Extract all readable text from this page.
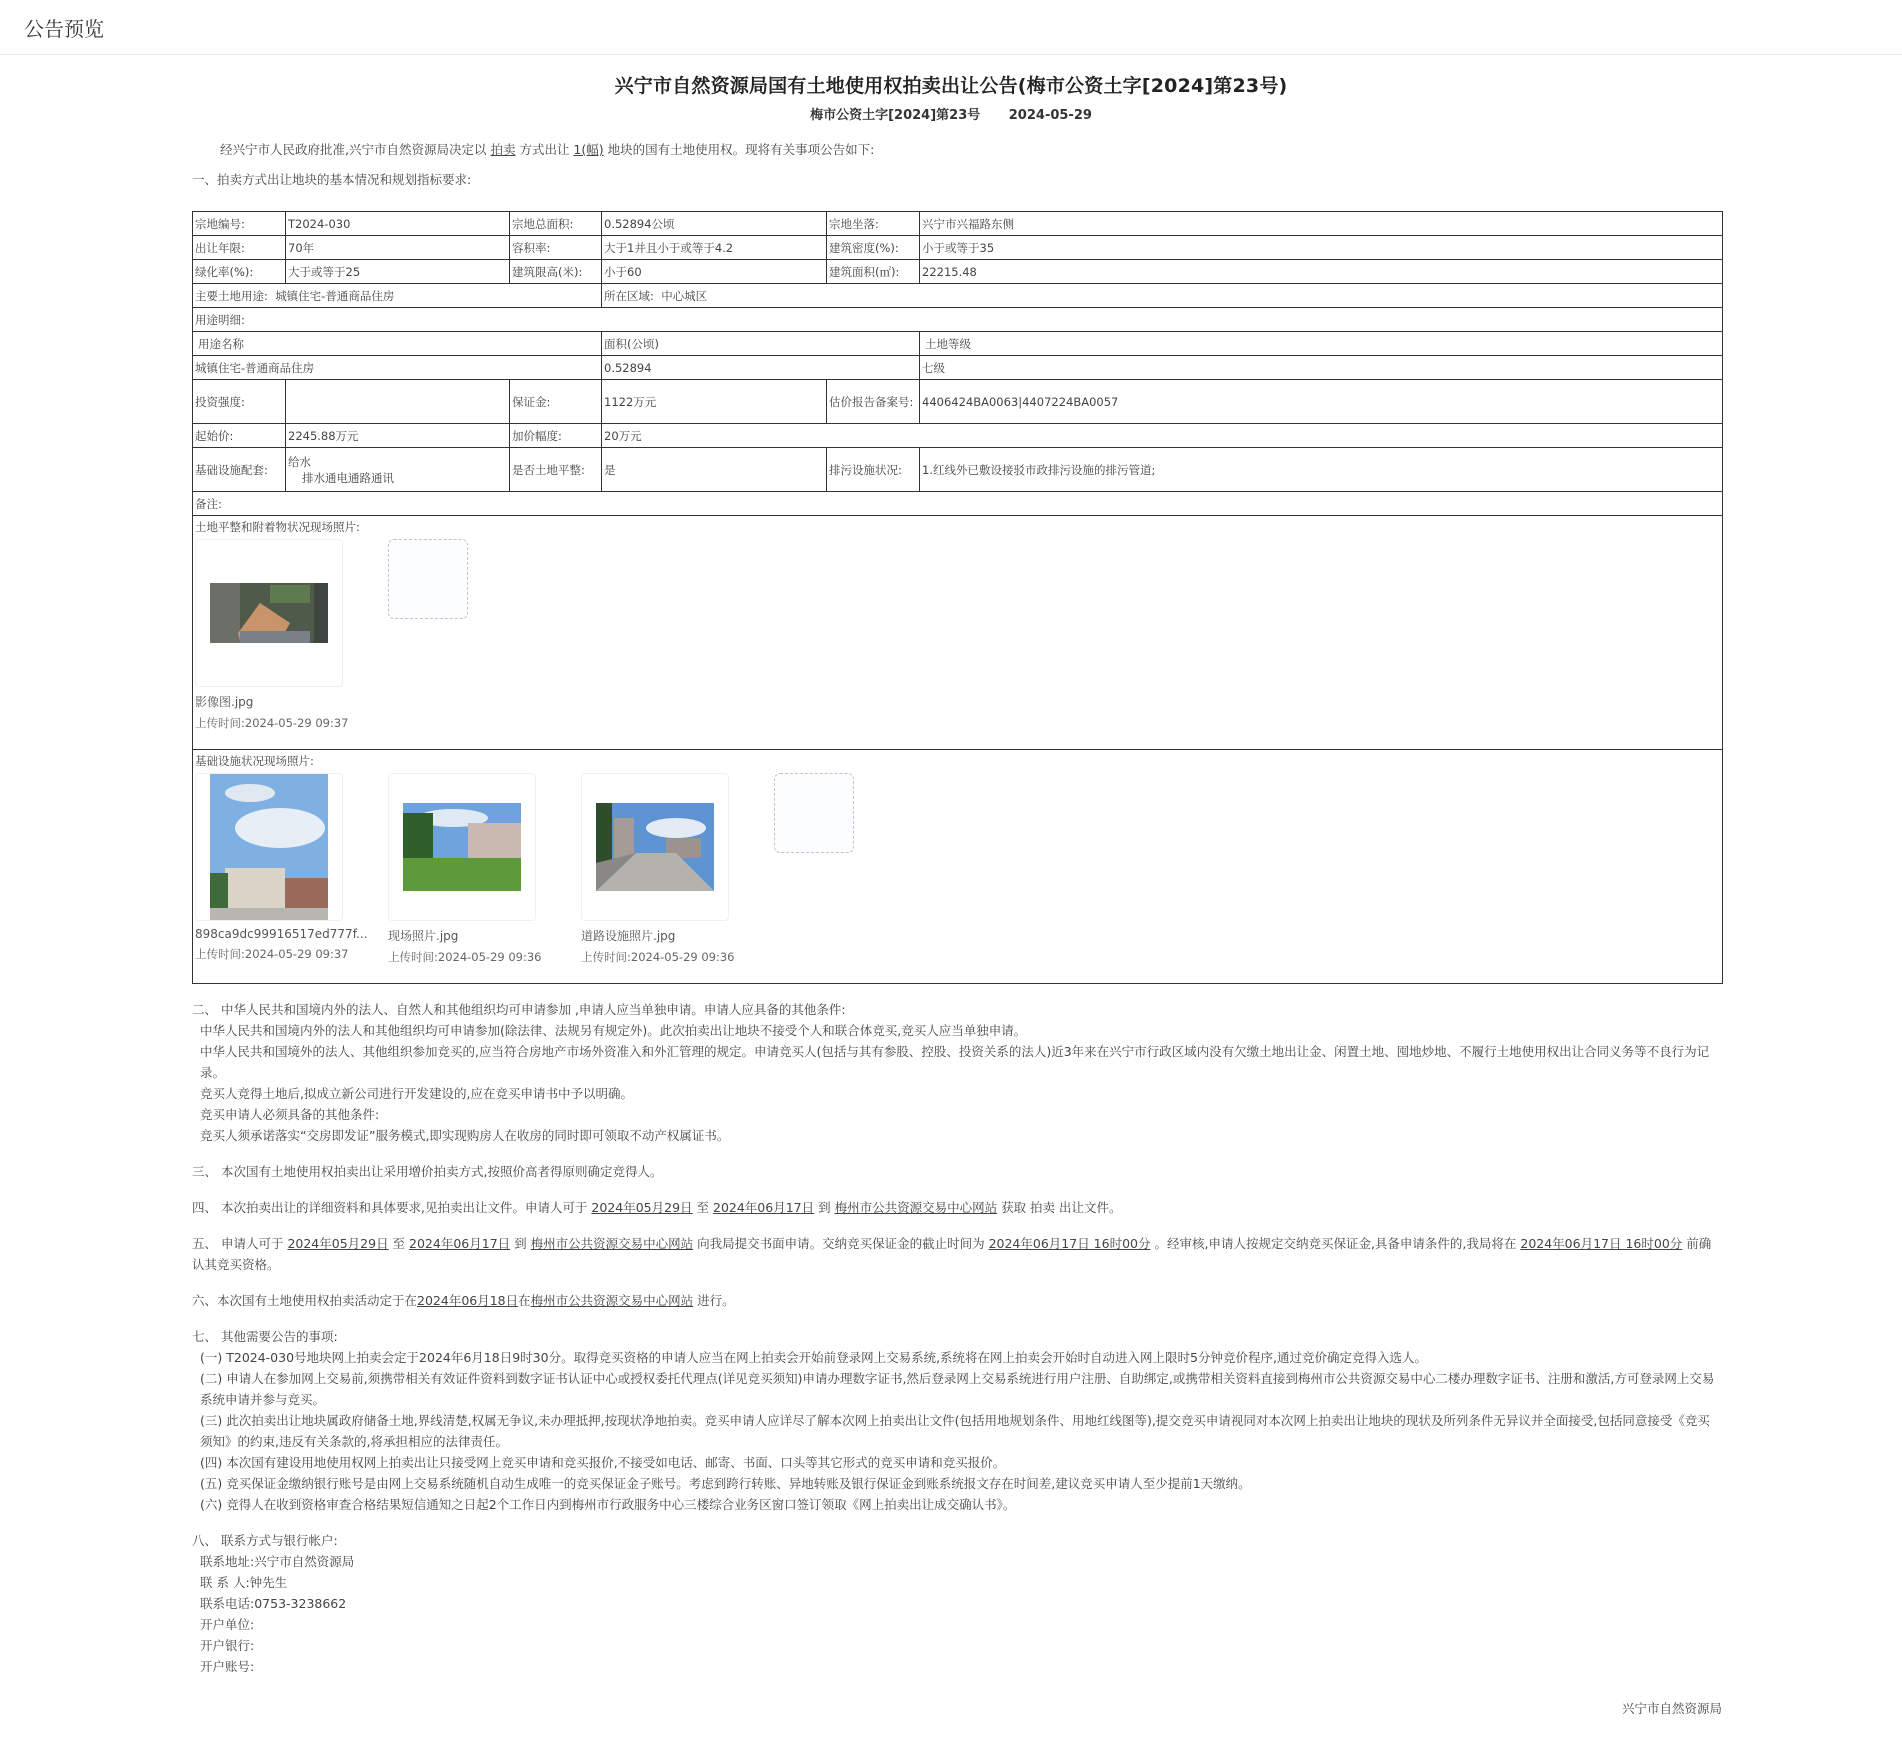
公告预览
兴宁市自然资源局国有土地使用权拍卖出让公告(梅市公资土字[2024]第23号)
梅市公资土字[2024]第23号 2024-05-29
经兴宁市人民政府批准,兴宁市自然资源局决定以 拍卖 方式出让 1(幅) 地块的国有土地使用权。现将有关事项公告如下:
一、拍卖方式出让地块的基本情况和规划指标要求:
宗地编号:	T2024-030	宗地总面积:	0.52894公顷	宗地坐落:	兴宁市兴福路东侧
出让年限:	70年	容积率:	大于1并且小于或等于4.2	建筑密度(%):	小于或等于35
绿化率(%):	大于或等于25	建筑限高(米):	小于60	建筑面积(㎡):	22215.48
主要土地用途: 城镇住宅-普通商品住房			所在区域: 中心城区		
用途明细:					
用途名称			面积(公顷)		土地等级
城镇住宅-普通商品住房			0.52894		七级
投资强度:		保证金:	1122万元	估价报告备案号:	4406424BA0063|4407224BA0057
起始价:	2245.88万元	加价幅度:	20万元		
基础设施配套:	给水
排水通电通路通讯	是否土地平整:	是	排污设施状况:	1.红线外已敷设接驳市政排污设施的排污管道;
备注:					

土地平整和附着物状况现场照片:
影像图.jpg
上传时间:2024-05-29 09:37					

基础设施状况现场照片:
898ca9dc99916517ed777f...
上传时间:2024-05-29 09:37
现场照片.jpg
上传时间:2024-05-29 09:36
道路设施照片.jpg
上传时间:2024-05-29 09:36
二、 中华人民共和国境内外的法人、自然人和其他组织均可申请参加 ,申请人应当单独申请。申请人应具备的其他条件:
中华人民共和国境内外的法人和其他组织均可申请参加(除法律、法规另有规定外)。此次拍卖出让地块不接受个人和联合体竞买,竞买人应当单独申请。
中华人民共和国境外的法人、其他组织参加竞买的,应当符合房地产市场外资准入和外汇管理的规定。申请竞买人(包括与其有参股、控股、投资关系的法人)近3年来在兴宁市行政区域内没有欠缴土地出让金、闲置土地、囤地炒地、不履行土地使用权出让合同义务等不良行为记录。
竞买人竞得土地后,拟成立新公司进行开发建设的,应在竞买申请书中予以明确。
竞买申请人必须具备的其他条件:
竞买人须承诺落实“交房即发证”服务模式,即实现购房人在收房的同时即可领取不动产权属证书。
三、 本次国有土地使用权拍卖出让采用增价拍卖方式,按照价高者得原则确定竞得人。
四、 本次拍卖出让的详细资料和具体要求,见拍卖出让文件。申请人可于 2024年05月29日 至 2024年06月17日 到 梅州市公共资源交易中心网站 获取 拍卖 出让文件。
五、 申请人可于 2024年05月29日 至 2024年06月17日 到 梅州市公共资源交易中心网站 向我局提交书面申请。交纳竞买保证金的截止时间为 2024年06月17日 16时00分 。经审核,申请人按规定交纳竞买保证金,具备申请条件的,我局将在 2024年06月17日 16时00分 前确认其竞买资格。
六、本次国有土地使用权拍卖活动定于在2024年06月18日在梅州市公共资源交易中心网站 进行。
七、 其他需要公告的事项:
(一) T2024-030号地块网上拍卖会定于2024年6月18日9时30分。取得竞买资格的申请人应当在网上拍卖会开始前登录网上交易系统,系统将在网上拍卖会开始时自动进入网上限时5分钟竞价程序,通过竞价确定竞得入选人。
(二) 申请人在参加网上交易前,须携带相关有效证件资料到数字证书认证中心或授权委托代理点(详见竞买须知)申请办理数字证书,然后登录网上交易系统进行用户注册、自助绑定,或携带相关资料直接到梅州市公共资源交易中心二楼办理数字证书、注册和激活,方可登录网上交易系统申请并参与竞买。
(三) 此次拍卖出让地块属政府储备土地,界线清楚,权属无争议,未办理抵押,按现状净地拍卖。竞买申请人应详尽了解本次网上拍卖出让文件(包括用地规划条件、用地红线图等),提交竞买申请视同对本次网上拍卖出让地块的现状及所列条件无异议并全面接受,包括同意接受《竞买须知》的约束,违反有关条款的,将承担相应的法律责任。
(四) 本次国有建设用地使用权网上拍卖出让只接受网上竞买申请和竞买报价,不接受如电话、邮寄、书面、口头等其它形式的竞买申请和竞买报价。
(五) 竞买保证金缴纳银行账号是由网上交易系统随机自动生成唯一的竞买保证金子账号。考虑到跨行转账、异地转账及银行保证金到账系统报文存在时间差,建议竞买申请人至少提前1天缴纳。
(六) 竞得人在收到资格审查合格结果短信通知之日起2个工作日内到梅州市行政服务中心三楼综合业务区窗口签订领取《网上拍卖出让成交确认书》。
八、 联系方式与银行帐户:
联系地址:兴宁市自然资源局
联 系 人:钟先生
联系电话:0753-3238662
开户单位:
开户银行:
开户账号:
兴宁市自然资源局
